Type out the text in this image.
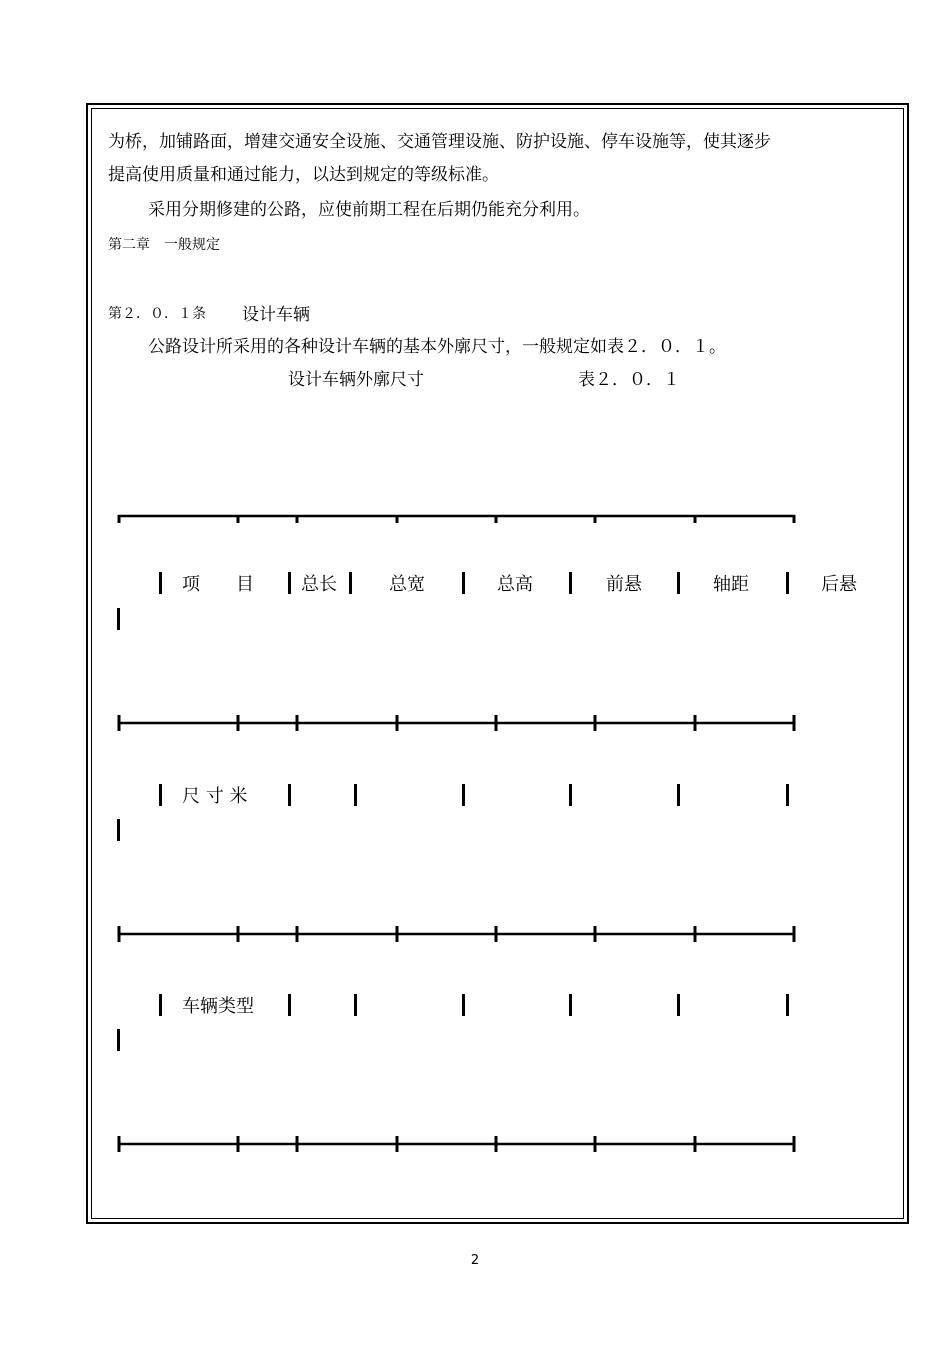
为桥，加铺路面，增建交通安全设施、交通管理设施、防护设施、停车设施等，使其逐步
提高使用质量和通过能力，以达到规定的等级标准。
采用分期修建的公路，应使前期工程在后期仍能充分利用。
第二章　一般规定
第２．０．１条 设计车辆
公路设计所采用的各种设计车辆的基本外廓尺寸，一般规定如表２．０．１。
设计车辆外廓尺寸	表２．０．１
项　　目	总长	总宽	总高	前悬	轴距	后悬
尺 寸 米
车辆类型
2
